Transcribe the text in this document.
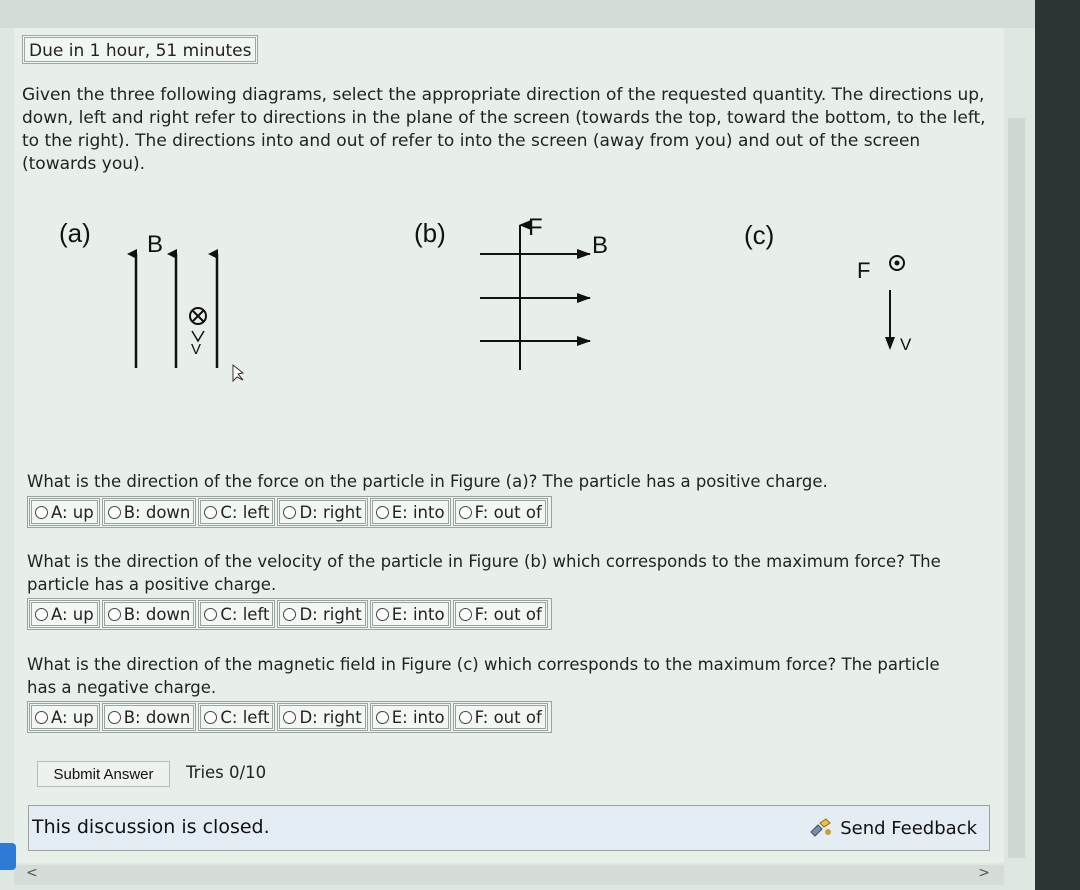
Due in 1 hour, 51 minutes
Given the three following diagrams, select the appropriate direction of the requested quantity. The directions up, down, left and right refer to directions in the plane of the screen (towards the top, toward the bottom, to the left, to the right). The directions into and out of refer to into the screen (away from you) and out of the screen (towards you).
(a) B
V
(b)	F
B	(c)
F
V
What is the direction of the force on the particle in Figure (a)? The particle has a positive charge.
A: up B: down C: left D: right E: into F: out of
What is the direction of the velocity of the particle in Figure (b) which corresponds to the maximum force? The particle has a positive charge.
A: up B: down C: left D: right E: into F: out of
What is the direction of the magnetic field in Figure (c) which corresponds to the maximum force? The particle has a negative charge.
A: up B: down C: left D: right E: into F: out of
Submit Answer	Tries 0/10
This discussion is closed.	Send Feedback
<	>
